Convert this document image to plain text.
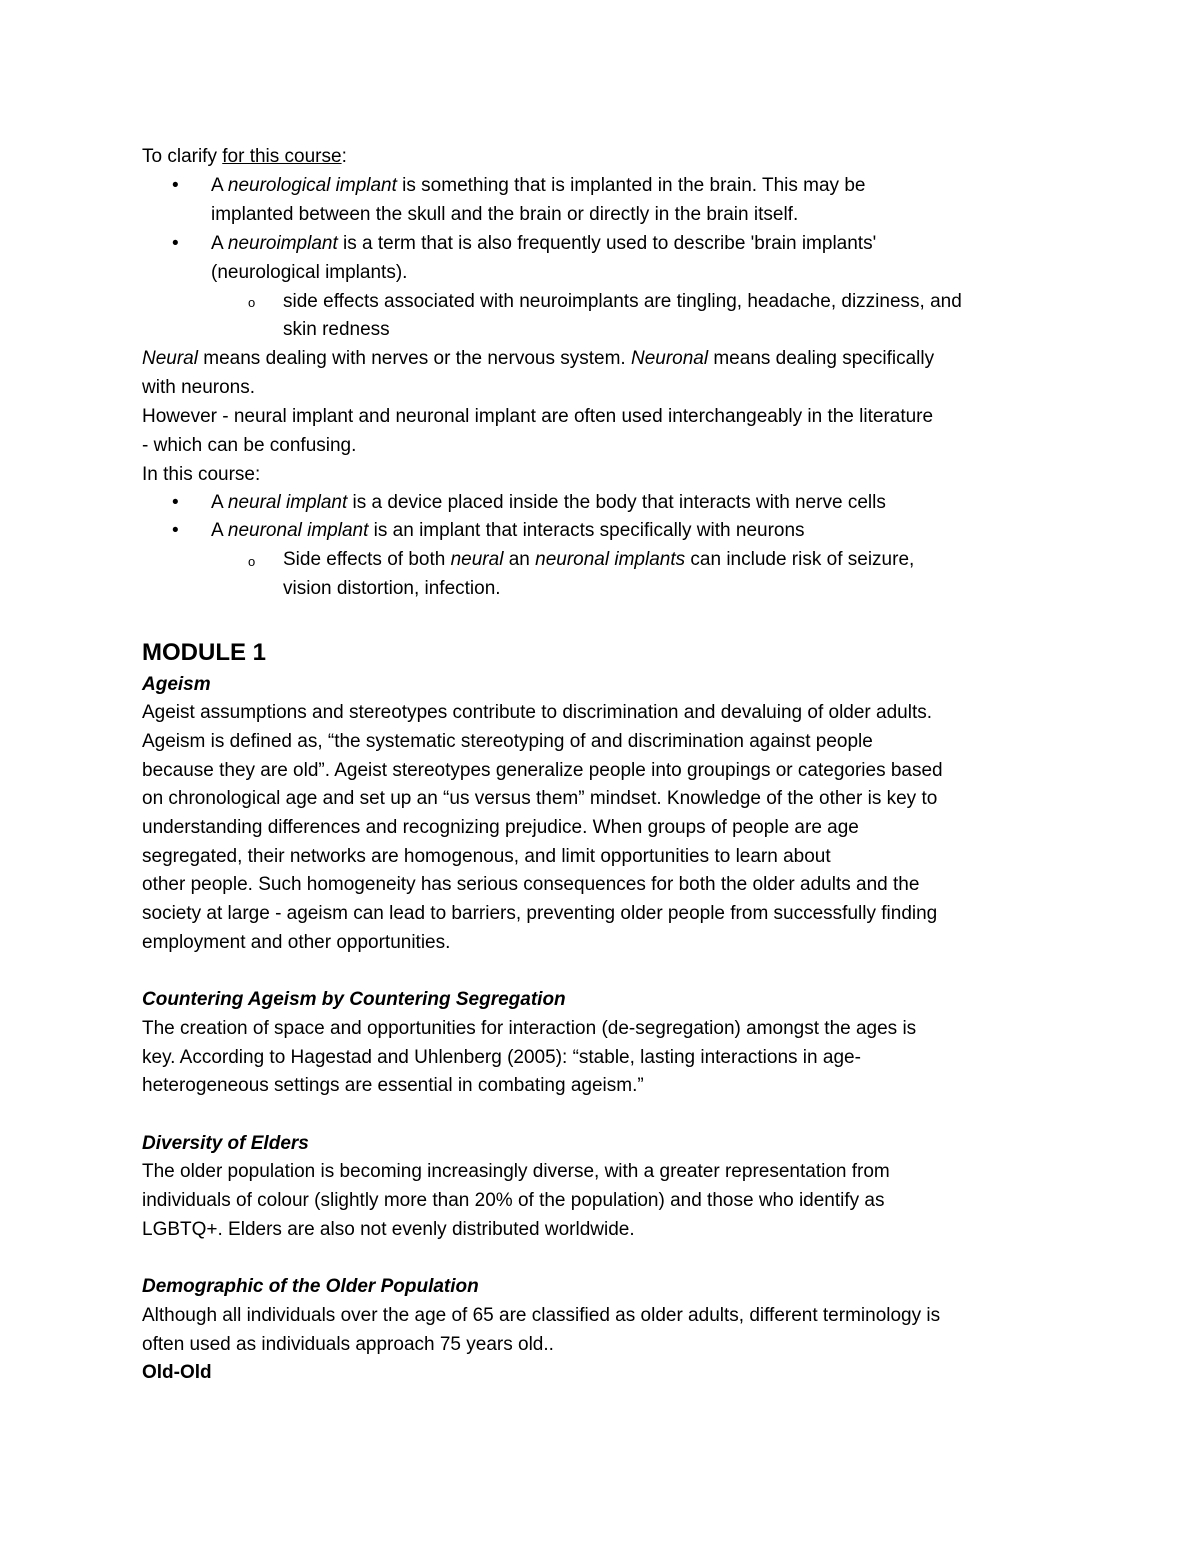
To clarify for this course:
• A neurological implant is something that is implanted in the brain. This may be
implanted between the skull and the brain or directly in the brain itself.
• A neuroimplant is a term that is also frequently used to describe 'brain implants'
(neurological implants).
o side effects associated with neuroimplants are tingling, headache, dizziness, and
skin redness
Neural means dealing with nerves or the nervous system. Neuronal means dealing specifically
with neurons.
However - neural implant and neuronal implant are often used interchangeably in the literature
- which can be confusing.
In this course:
• A neural implant is a device placed inside the body that interacts with nerve cells
• A neuronal implant is an implant that interacts specifically with neurons
o Side effects of both neural an neuronal implants can include risk of seizure,
vision distortion, infection.
MODULE 1
Ageism
Ageist assumptions and stereotypes contribute to discrimination and devaluing of older adults.
Ageism is defined as, “the systematic stereotyping of and discrimination against people
because they are old”. Ageist stereotypes generalize people into groupings or categories based
on chronological age and set up an “us versus them” mindset. Knowledge of the other is key to
understanding differences and recognizing prejudice. When groups of people are age
segregated, their networks are homogenous, and limit opportunities to learn about
other people. Such homogeneity has serious consequences for both the older adults and the
society at large - ageism can lead to barriers, preventing older people from successfully finding
employment and other opportunities.
Countering Ageism by Countering Segregation
The creation of space and opportunities for interaction (de-segregation) amongst the ages is
key. According to Hagestad and Uhlenberg (2005): “stable, lasting interactions in age-
heterogeneous settings are essential in combating ageism.”
Diversity of Elders
The older population is becoming increasingly diverse, with a greater representation from
individuals of colour (slightly more than 20% of the population) and those who identify as
LGBTQ+. Elders are also not evenly distributed worldwide.
Demographic of the Older Population
Although all individuals over the age of 65 are classified as older adults, different terminology is
often used as individuals approach 75 years old..
Old-Old
